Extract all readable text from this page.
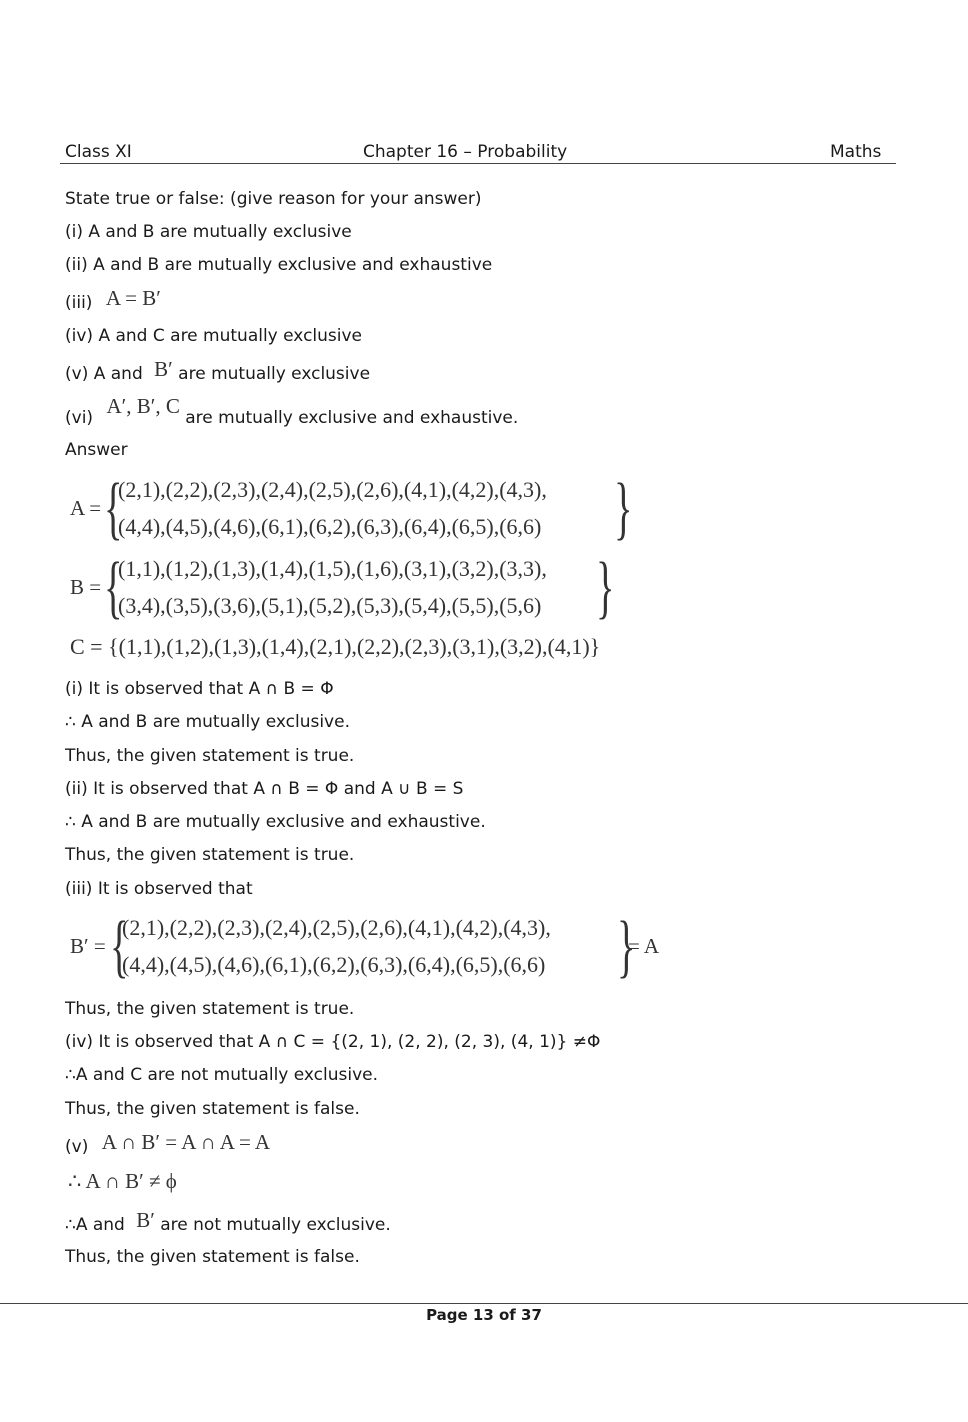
Class XI	Chapter 16 – Probability	Maths
State true or false: (give reason for your answer)
(i) A and B are mutually exclusive
(ii) A and B are mutually exclusive and exhaustive
(iii) A = B′
(iv) A and C are mutually exclusive
(v) A and B′ are mutually exclusive
(vi) A′, B′, C are mutually exclusive and exhaustive.
Answer
A = {
(2,1),(2,2),(2,3),(2,4),(2,5),(2,6),(4,1),(4,2),(4,3),
(4,4),(4,5),(4,6),(6,1),(6,2),(6,3),(6,4),(6,5),(6,6) }
B = {
(1,1),(1,2),(1,3),(1,4),(1,5),(1,6),(3,1),(3,2),(3,3),
(3,4),(3,5),(3,6),(5,1),(5,2),(5,3),(5,4),(5,5),(5,6) }
C = {(1,1),(1,2),(1,3),(1,4),(2,1),(2,2),(2,3),(3,1),(3,2),(4,1)}
(i) It is observed that A ∩ B = Φ
∴ A and B are mutually exclusive.
Thus, the given statement is true.
(ii) It is observed that A ∩ B = Φ and A ∪ B = S
∴ A and B are mutually exclusive and exhaustive.
Thus, the given statement is true.
(iii) It is observed that
B′ = {
(2,1),(2,2),(2,3),(2,4),(2,5),(2,6),(4,1),(4,2),(4,3),
(4,4),(4,5),(4,6),(6,1),(6,2),(6,3),(6,4),(6,5),(6,6) }
= A
Thus, the given statement is true.
(iv) It is observed that A ∩ C = {(2, 1), (2, 2), (2, 3), (4, 1)} ≠Φ
∴A and C are not mutually exclusive.
Thus, the given statement is false.
(v) A ∩ B′ = A ∩ A = A
∴ A ∩ B′ ≠ ϕ
∴A and B′ are not mutually exclusive.
Thus, the given statement is false.
Page 13 of 37
